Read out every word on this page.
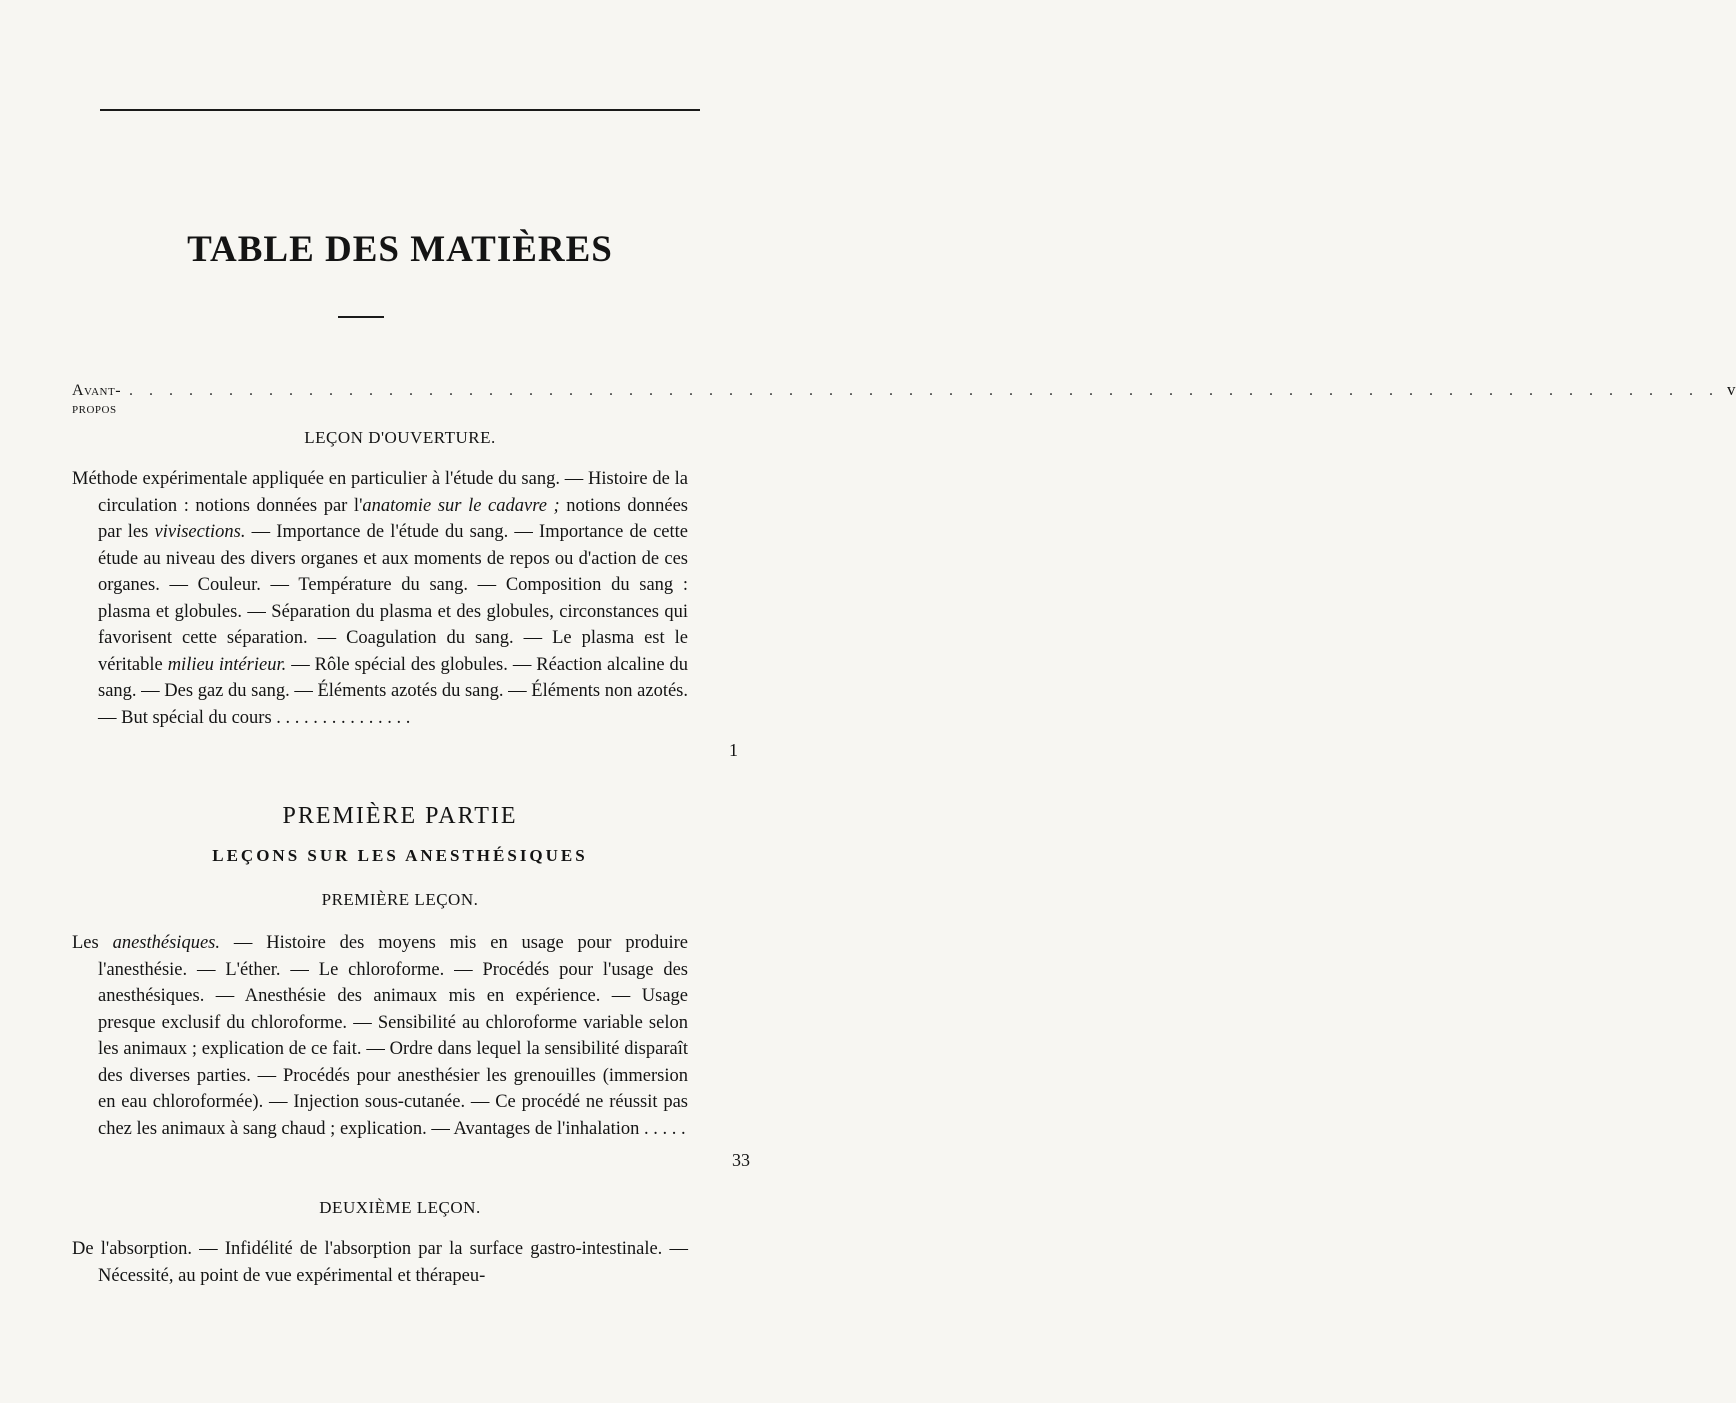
TABLE DES MATIÈRES
Avant-propos
. . . . . . . . . . . . . . . . . . . . . . . . . . . . . . . . . . . . . . . . . . . . . . . . . . . . . . . . . . . . . . . . . . . . . . . . . . . . . . . . v
LEÇON D'OUVERTURE.
Méthode expérimentale appliquée en particulier à l'étude du sang. — Histoire de la circulation : notions données par l'anatomie sur le cadavre ; notions données par les vivisections. — Importance de l'étude du sang. — Importance de cette étude au niveau des divers organes et aux moments de repos ou d'action de ces organes. — Couleur. — Température du sang. — Composition du sang : plasma et globules. — Séparation du plasma et des globules, circonstances qui favorisent cette séparation. — Coagulation du sang. — Le plasma est le véritable milieu intérieur. — Rôle spécial des globules. — Réaction alcaline du sang. — Des gaz du sang. — Éléments azotés du sang. — Éléments non azotés. — But spécial du cours . . . . . . . . . . . . . . .
1
PREMIÈRE PARTIE
LEÇONS SUR LES ANESTHÉSIQUES
PREMIÈRE LEÇON.
Les anesthésiques. — Histoire des moyens mis en usage pour produire l'anesthésie. — L'éther. — Le chloroforme. — Procédés pour l'usage des anesthésiques. — Anesthésie des animaux mis en expérience. — Usage presque exclusif du chloroforme. — Sensibilité au chloroforme variable selon les animaux ; explication de ce fait. — Ordre dans lequel la sensibilité disparaît des diverses parties. — Procédés pour anesthésier les grenouilles (immersion en eau chloroformée). — Injection sous-cutanée. — Ce procédé ne réussit pas chez les animaux à sang chaud ; explication. — Avantages de l'inhalation . . . . .
33
DEUXIÈME LEÇON.
De l'absorption. — Infidélité de l'absorption par la surface gastro-intestinale. — Nécessité, au point de vue expérimental et thérapeu-
